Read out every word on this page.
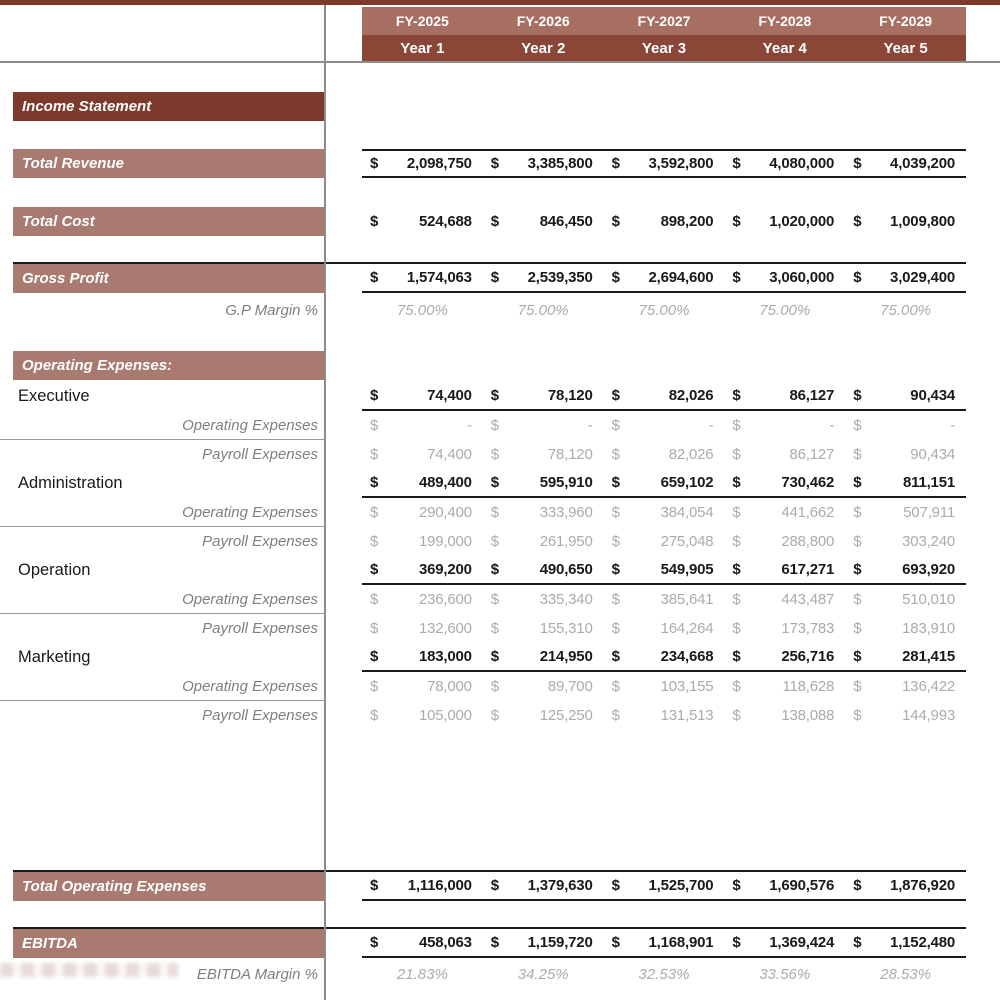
FY-2025	FY-2026	FY-2027	FY-2028	FY-2029
Year 1	Year 2	Year 3	Year 4	Year 5
Income Statement
Total Revenue	$ 2,098,750 $ 3,385,800 $ 3,592,800 $ 4,080,000 $ 4,039,200
Total Cost	$	524,688 $	846,450 $	898,200 $ 1,020,000 $ 1,009,800
Gross Profit	$ 1,574,063 $ 2,539,350 $ 2,694,600 $ 3,060,000 $ 3,029,400
G.P Margin %	75.00%	75.00%	75.00%	75.00%	75.00%
Operating Expenses:
Executive	$	74,400 $	78,120 $	82,026 $	86,127 $	90,434
Operating Expenses	$	- $	- $	- $	- $	-
Payroll Expenses	$	74,400 $	78,120 $	82,026 $	86,127 $	90,434
Administration	$	489,400 $	595,910 $	659,102 $	730,462 $	811,151
Operating Expenses	$	290,400 $	333,960 $	384,054 $	441,662 $	507,911
Payroll Expenses	$	199,000 $	261,950 $	275,048 $	288,800 $	303,240
Operation	$	369,200 $	490,650 $	549,905 $	617,271 $	693,920
Operating Expenses	$	236,600 $	335,340 $	385,641 $	443,487 $	510,010
Payroll Expenses	$	132,600 $	155,310 $	164,264 $	173,783 $	183,910
Marketing	$	183,000 $	214,950 $	234,668 $	256,716 $	281,415
Operating Expenses	$	78,000 $	89,700 $	103,155 $	118,628 $	136,422
Payroll Expenses	$	105,000 $	125,250 $	131,513 $	138,088 $	144,993
Total Operating Expenses	$ 1,116,000 $ 1,379,630 $ 1,525,700 $ 1,690,576 $ 1,876,920
EBITDA	$	458,063 $ 1,159,720 $ 1,168,901 $ 1,369,424 $ 1,152,480
EBITDA Margin %	21.83%	34.25%	32.53%	33.56%	28.53%
